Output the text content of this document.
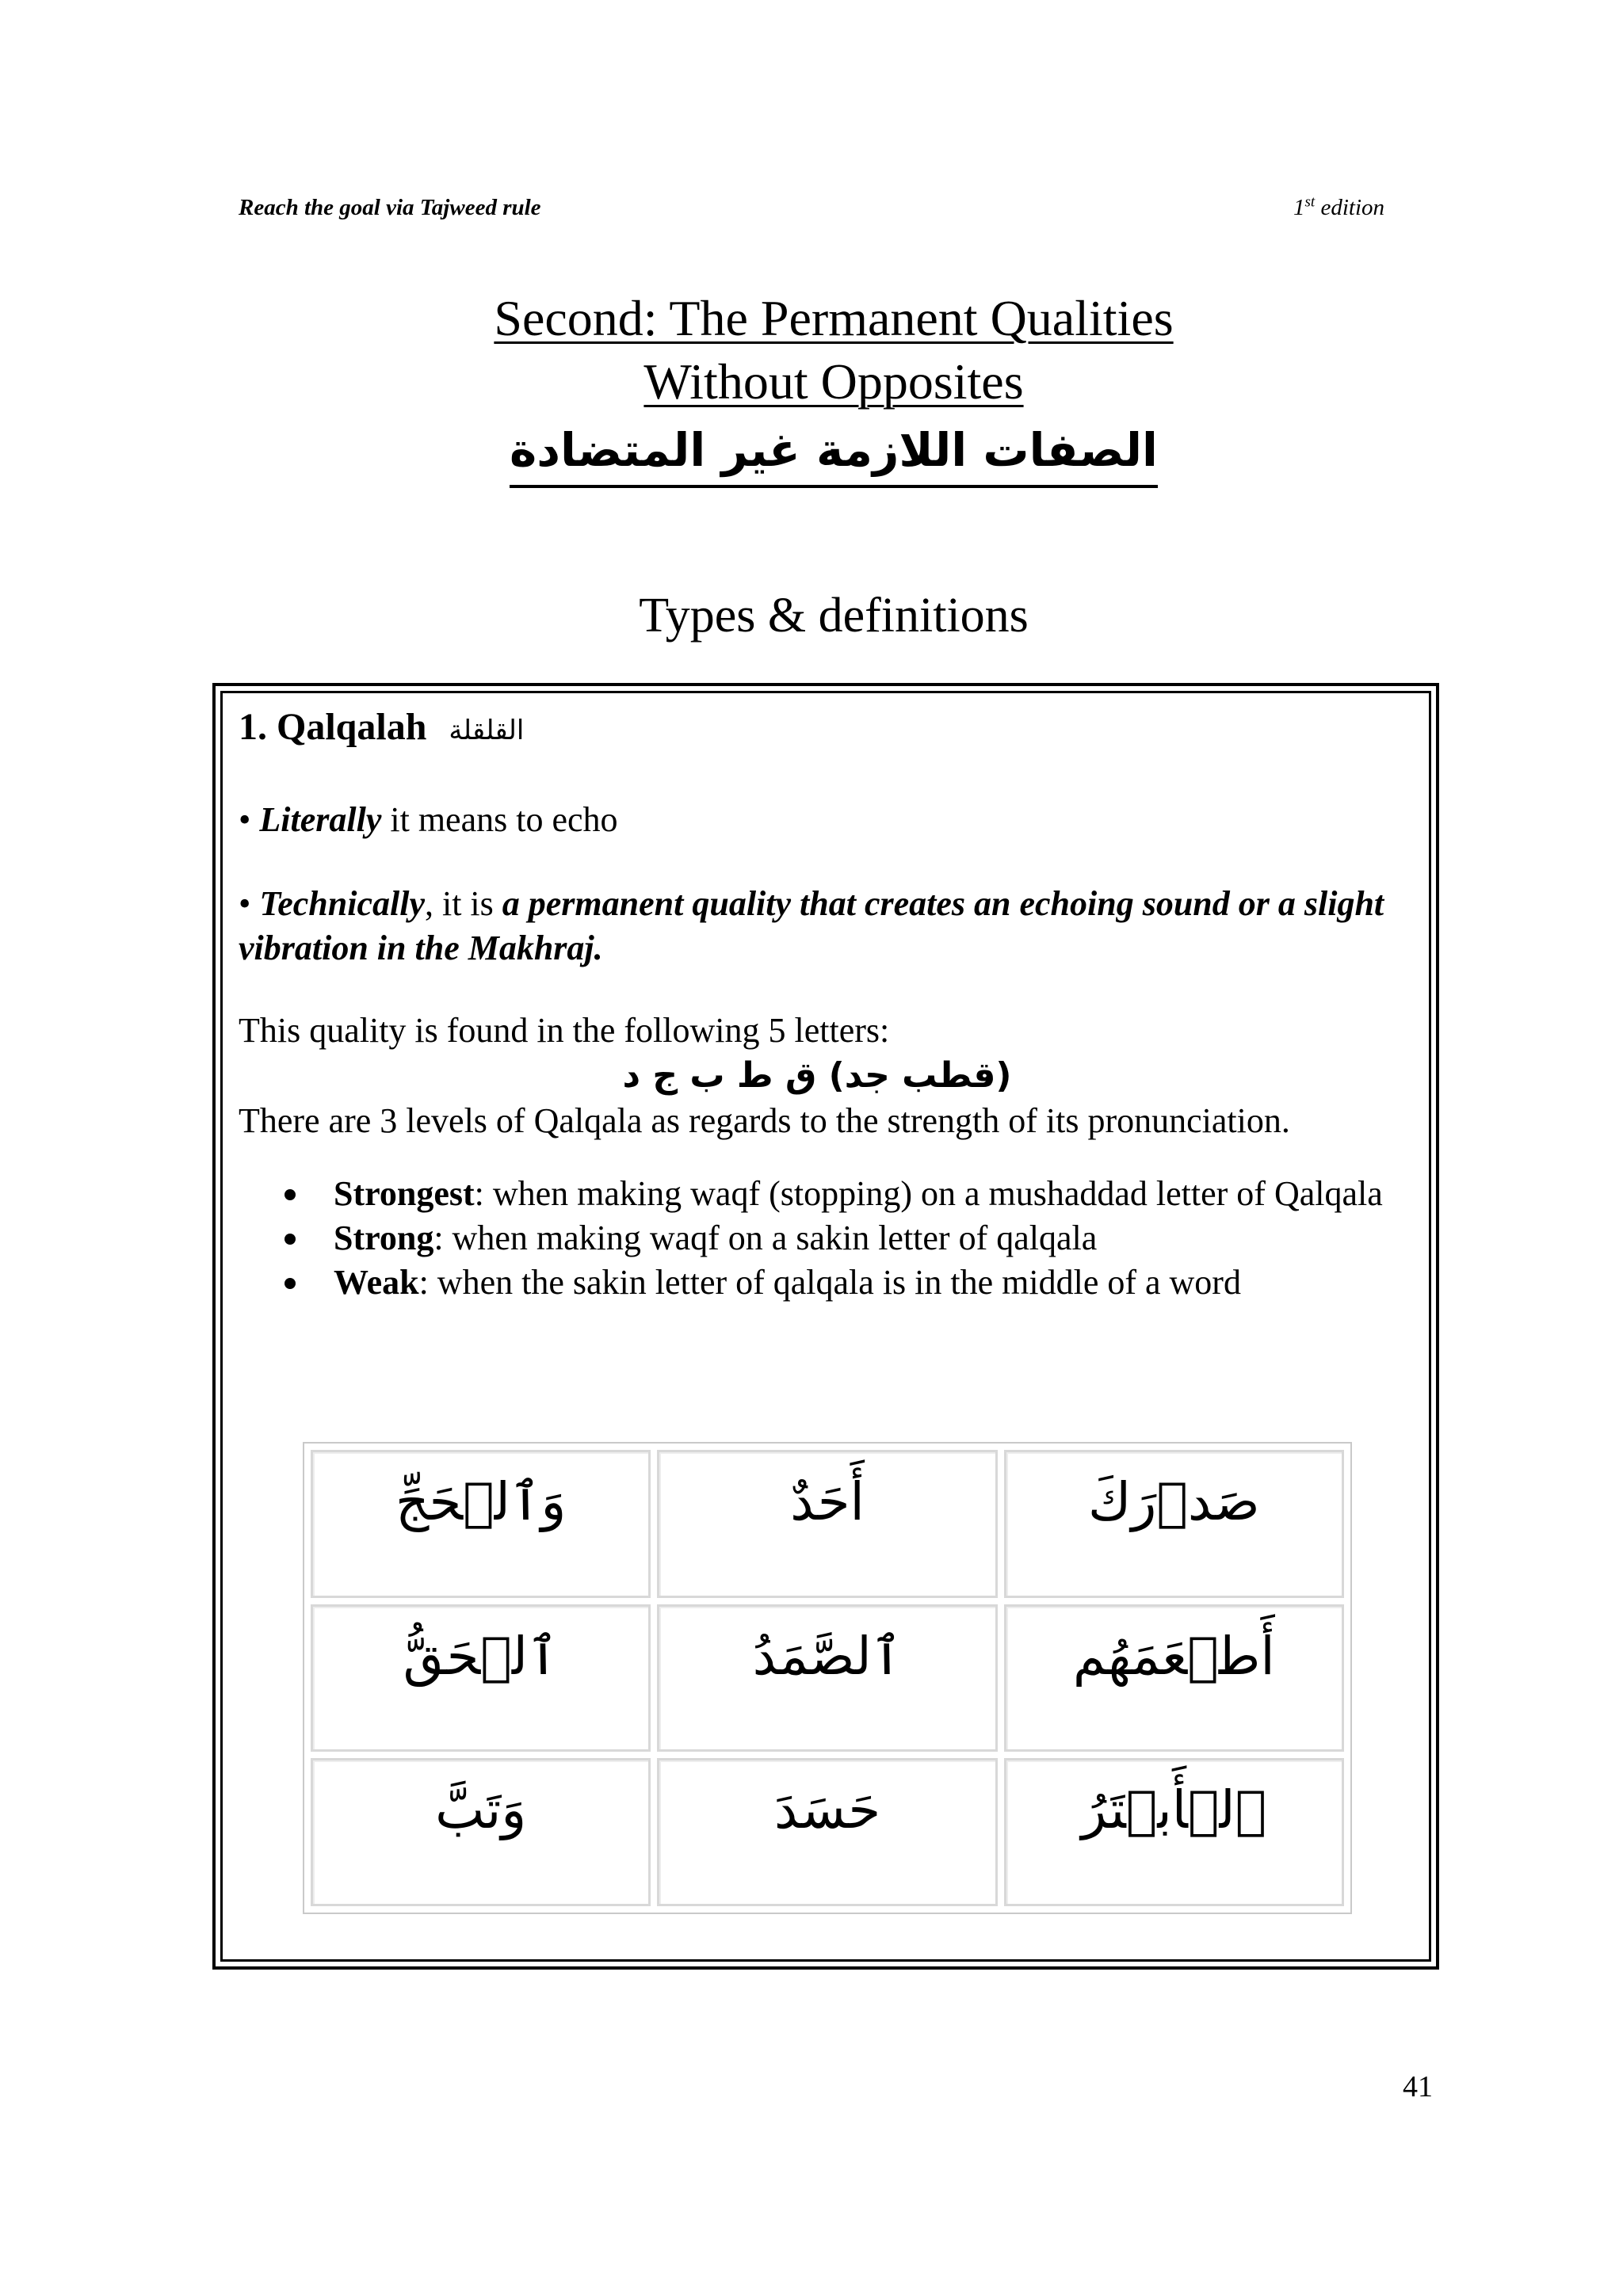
Reach the goal via Tajweed rule	1st edition
Second: The Permanent Qualities
Without Opposites
الصفات اللازمة غير المتضادة
Types & definitions
1. Qalqalah القلقلة

• Literally it means to echo

• Technically, it is a permanent quality that creates an echoing sound or a slight vibration in the Makhraj.

This quality is found in the following 5 letters:

(قطب جد) ق ط ب ج د

There are 3 levels of Qalqala as regards to the strength of its pronunciation.

Strongest: when making waqf (stopping) on a mushaddad letter of Qalqala
Strong: when making waqf on a sakin letter of qalqala
Weak: when the sakin letter of qalqala is in the middle of a word
وَٱلۡحَجِّ	أَحَدٌ	صَدۡرَكَ
ٱلۡحَقُّ	ٱلصَّمَدُ	أَطۡعَمَهُم
وَتَبَّ	حَسَدَ	ٱلۡأَبۡتَرُ
41
